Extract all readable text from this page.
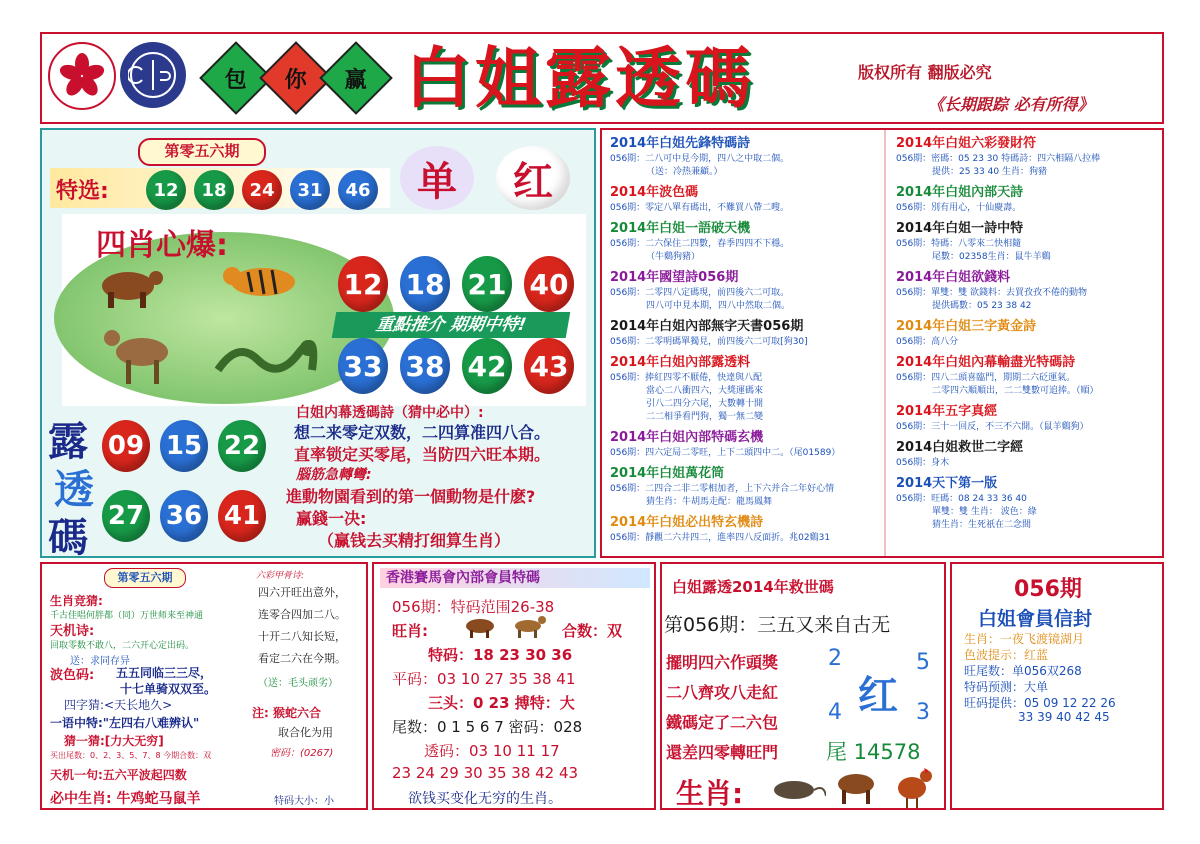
包 你 赢 白姐露透碼	版权所有 翻版必究
《长期跟踪 必有所得》
第零五六期
特选:	12	18	24	31	46	单	红
四肖心爆:
12 18 21 40
重點推介 期期中特!
33 38 42 43
露
透
碼
09 15 22
27 36 41
白姐内幕透碼詩（猜中必中）:
想二来零定双数，二四算准四八合。
直率锁定买零尾，当防四六旺本期。
腦筋急轉彎:
進動物園看到的第一個動物是什麽?
赢錢一决:
（赢钱去买精打细算生肖）
2014年白姐先鋒特碼詩
056期：二八可中見今期，四八之中取二個。
（送：冷热兼顧。）
2014年波色碼
056期：零定八單有碼出，不難買八帶二嗖。
2014年白姐一語破天機
056期：二六保住二四數，春季四四不下穩。
（牛鷄狗豬）
2014年國望詩056期
056期：二零四八定碼現，前四後六二可取。
四八可中見本期，四八中然取二個。
2014年白姐內部無字天書056期
056期：二零明碼單獨見，前四後六二可取[狗30]
2014年白姐內部露透料
056期：捧紅四零不厭倦，快達與八配
當心二八衝四六，大獎運碼來
引八二四分六尾，大數轉十開
二二相爭看門狗，獨一無二變
2014年白姐內部特碼玄機
056期：四六定局二零旺，上下二頭四中二。（尾01589）
2014年白姐萬花筒
056期：二四合二非二零相加者，上下六并合二年好心情
猜生肖：牛胡馬走配：龍馬鳳舞
2014年白姐必出特玄機詩
056期：靜觀二六井四二，進率四八反面折。兆02鷄31
2014年白姐六彩發財符
056期：密碼：05 23 30 特碼詩：四六相隔八拉棒
提供：25 33 40 生肖：狗豬
2014年白姐內部天詩
056期：別有用心，十仙慶壽。
2014年白姐一詩中特
056期：特碼：八零來二快相隨
尾數：02358生肖：鼠牛羊鷄
2014年白姐欲錢料
056期：單雙：雙 欲錢料：去買孜孜不倦的動物
提供碼數：05 23 38 42
2014年白姐三字黃金詩
056期：高八分
2014年白姐內幕輸盡光特碼詩
056期：四八二頭喜臨門，期期二六砭運氣。
二零四六順順出，二二雙數可追捧。（順）
2014年五字真經
056期：三十一回反，不三不六開。（鼠羊鷄狗）
2014白姐救世二字經
056期：身木
2014天下第一版
056期：旺碼：08 24 33 36 40
單雙：雙 生肖： 波色：綠
猜生肖：生死祇在二念間
第零五六期
生肖竞猜:
千古佳唱何胖都（同）万世师来至神通
天机诗:
回取零数不敢八，二六开心定出码。
送：求同存异
波色码: 五五同临三三尽，
十七单骑双双至。
四字猜:<天长地久>
一语中特:"左四右八难辨认"
猜一猜:[力大无穷]
买出尾数：0、2、3、5、7、8 今期合数：双
天机一句:五六平波起四数
必中生肖: 牛鸡蛇马鼠羊
六彩甲骨诗:
四六开旺出意外，
连零合四加二八。
十开二八知长短，
看定二六在今期。
（送：毛头顽劣）
注: 猴蛇六合
取合化为用
密码：(0267)
特码大小：小
香港賽馬會內部會員特碼
056期：特码范围26-38
旺肖:	合数：双
特码：18 23 30 36
平码：03 10 27 35 38 41
三头：0 23 搏特：大
尾数：0 1 5 6 7 密码：028
透码：03 10 11 17
23 24 29 30 35 38 42 43
欲钱买变化无穷的生肖。
白姐露透2014年救世碼
第056期：三五又来自古无
擺明四六作頭獎
二八齊攻八走紅
鐵碼定了二六包
還差四零轉旺門
2	5
4	3
红
尾 14578
生肖:
056期
白姐會員信封
生肖：一夜飞渡镜湖月
色波提示：红蓝
旺尾数：单056双268
特码预测：大单
旺码提供：05 09 12 22 26
33 39 40 42 45
